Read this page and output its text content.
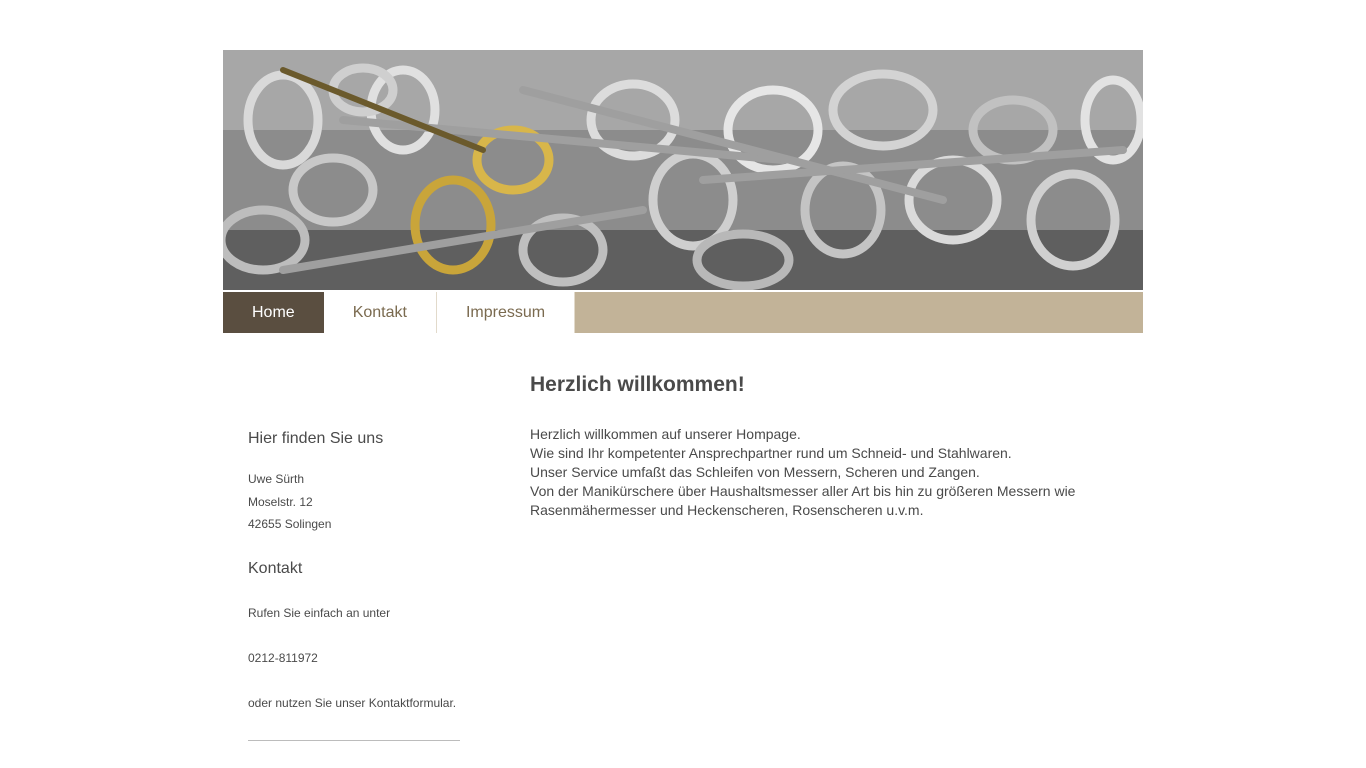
Home	Kontakt	Impressum
Hier finden Sie uns
Uwe Sürth
Moselstr. 12
42655 Solingen
Kontakt
Rufen Sie einfach an unter
0212-811972
oder nutzen Sie unser Kontaktformular.
Herzlich willkommen!
Herzlich willkommen auf unserer Hompage.
Wie sind Ihr kompetenter Ansprechpartner rund um Schneid- und Stahlwaren.
Unser Service umfaßt das Schleifen von Messern, Scheren und Zangen.
Von der Manikürschere über Haushaltsmesser aller Art bis hin zu größeren Messern wie Rasenmähermesser und Heckenscheren, Rosenscheren u.v.m.
